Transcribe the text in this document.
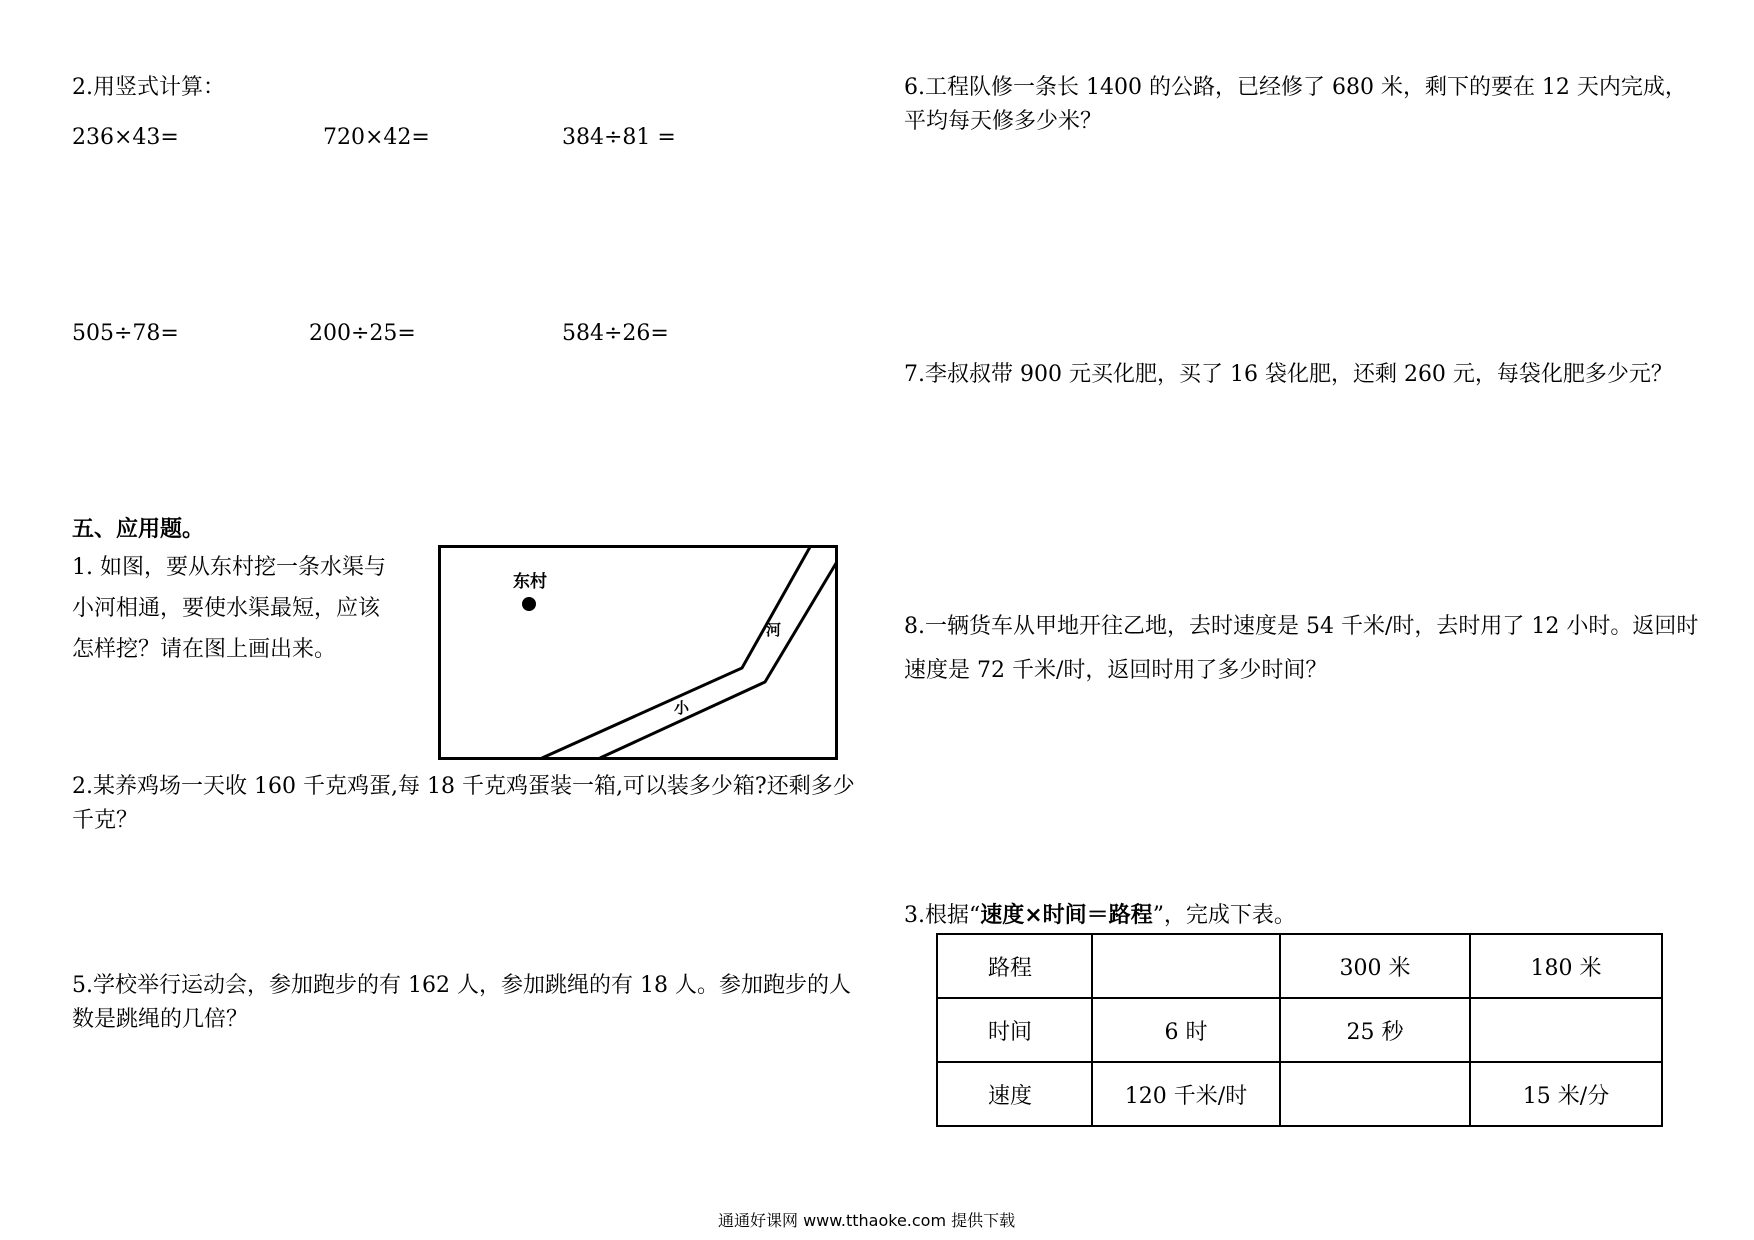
2.用竖式计算：
236×43=	720×42=	384÷81 =
505÷78=	200÷25=	584÷26=
五、应用题。
1. 如图，要从东村挖一条水渠与
小河相通，要使水渠最短，应该
怎样挖？请在图上画出来。
东村
河
小
2.某养鸡场一天收 160 千克鸡蛋,每 18 千克鸡蛋装一箱,可以装多少箱?还剩多少千克？
5.学校举行运动会，参加跑步的有 162 人，参加跳绳的有 18 人。参加跑步的人数是跳绳的几倍？
6.工程队修一条长 1400 的公路，已经修了 680 米，剩下的要在 12 天内完成，平均每天修多少米？
7.李叔叔带 900 元买化肥，买了 16 袋化肥，还剩 260 元，每袋化肥多少元？
8.一辆货车从甲地开往乙地，去时速度是 54 千米/时，去时用了 12 小时。返回时速度是 72 千米/时，返回时用了多少时间？
3.根据“速度×时间＝路程”，完成下表。
路程		300 米	180 米
时间	6 时	25 秒	
速度	120 千米/时		15 米/分
通通好课网 www.tthaoke.com 提供下载
